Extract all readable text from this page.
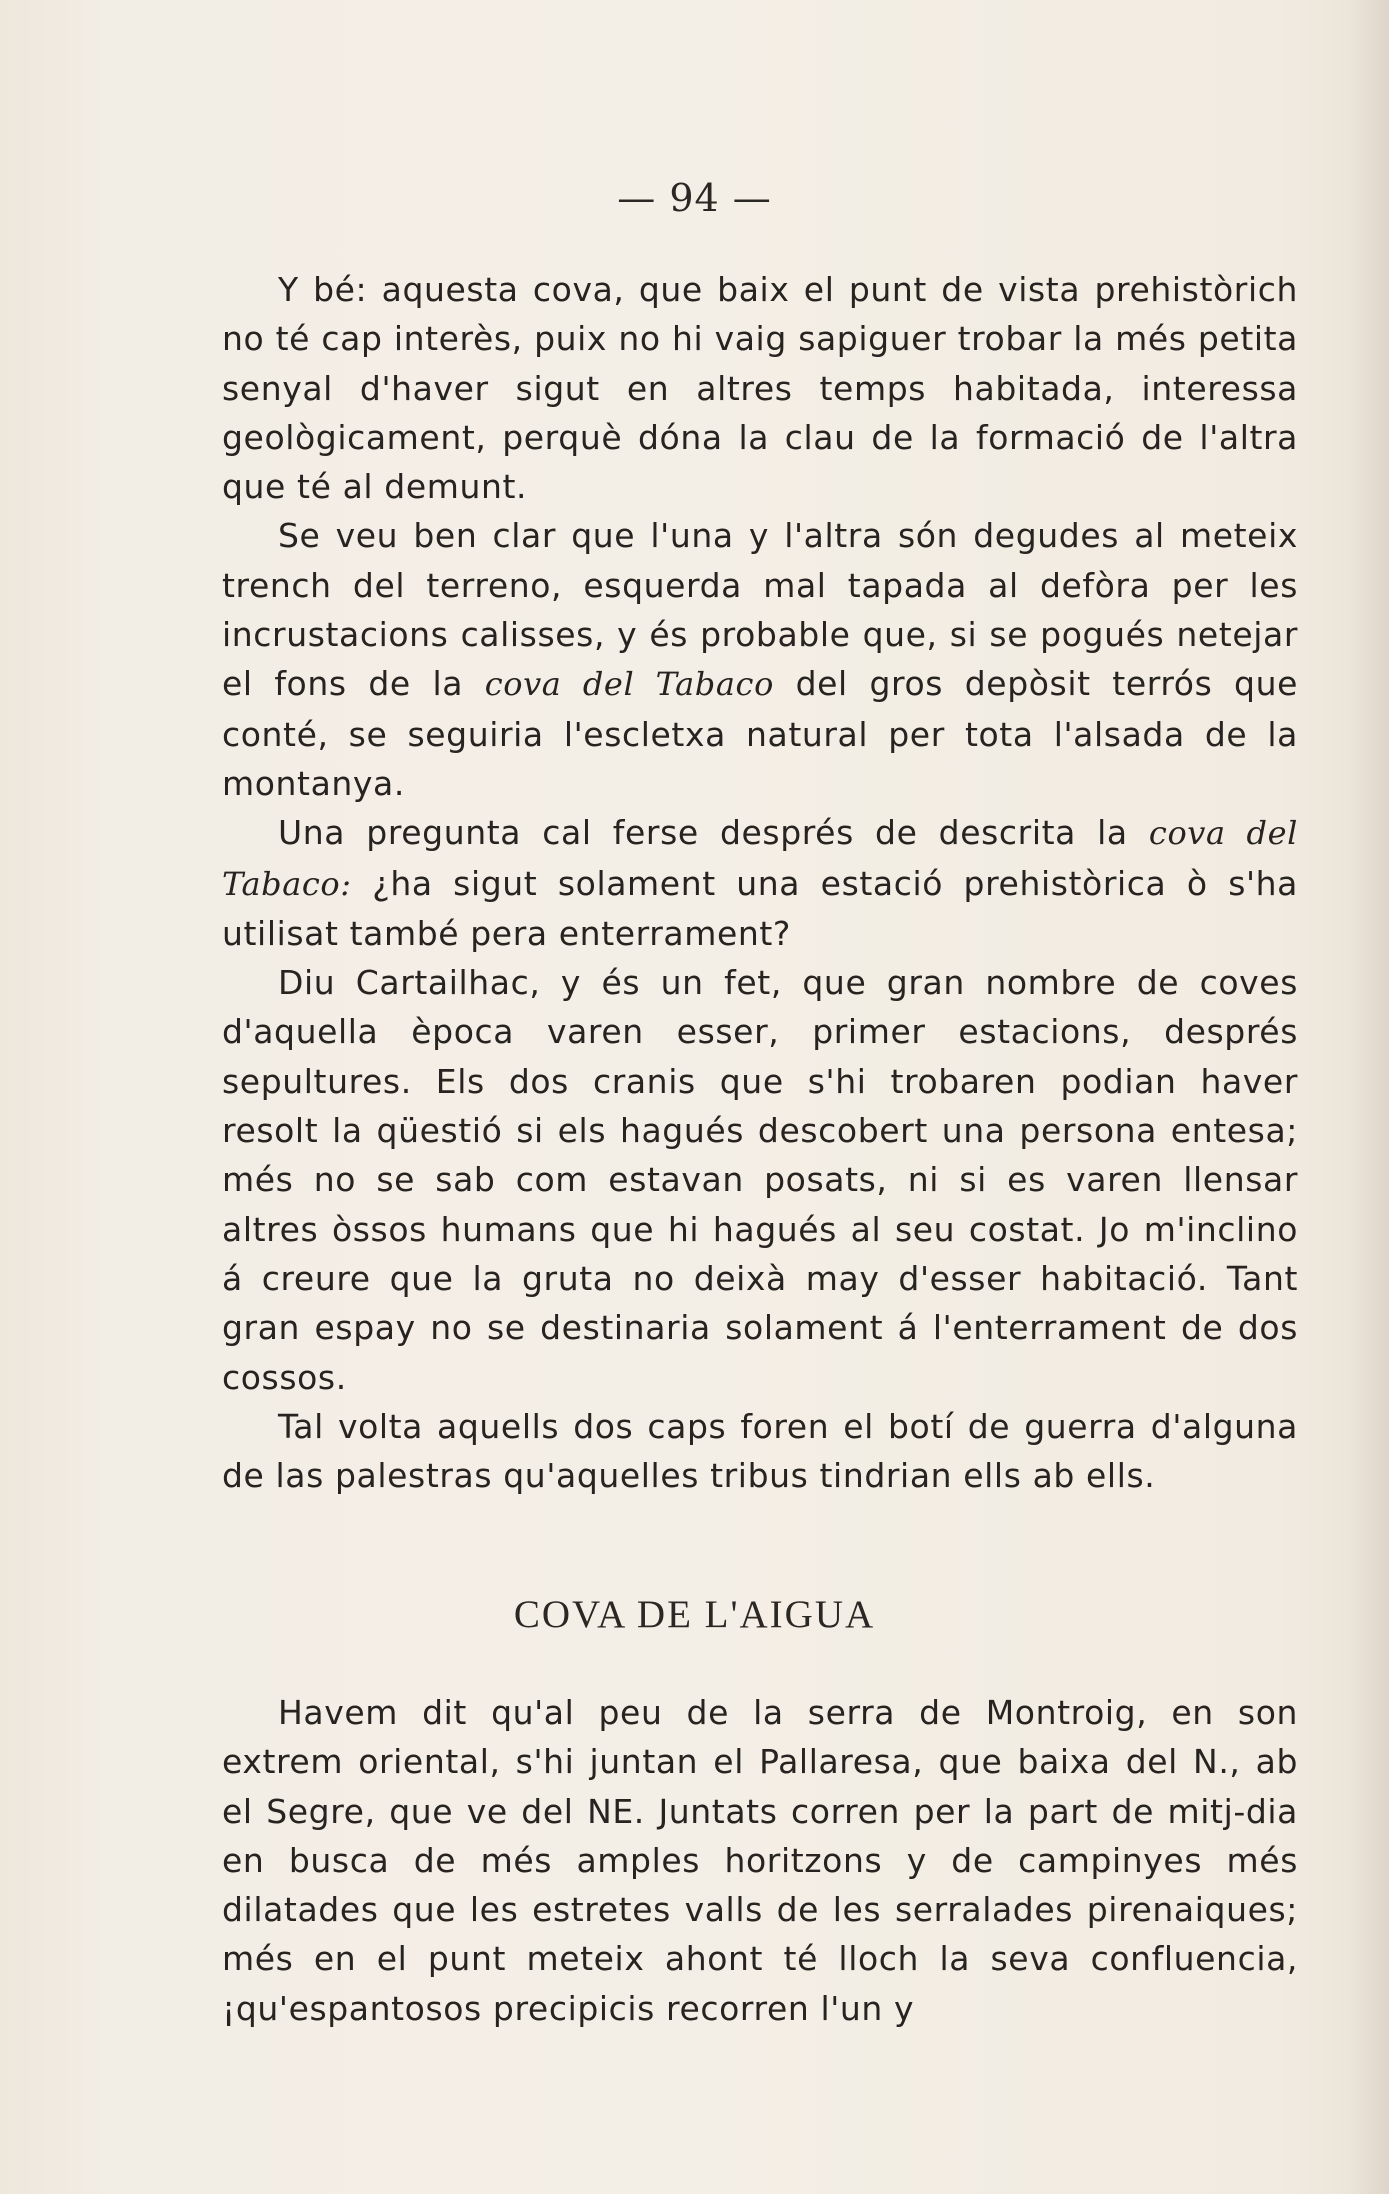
— 94 —

Y bé: aquesta cova, que baix el punt de vista prehistòrich no té cap interès, puix no hi vaig sapiguer trobar la més petita senyal d'haver sigut en altres temps habitada, interessa geològicament, perquè dóna la clau de la formació de l'altra que té al demunt.

Se veu ben clar que l'una y l'altra són degudes al meteix trench del terreno, esquerda mal tapada al defòra per les incrustacions calisses, y és probable que, si se pogués netejar el fons de la cova del Tabaco del gros depòsit terrós que conté, se seguiria l'escletxa natural per tota l'alsada de la montanya.

Una pregunta cal ferse després de descrita la cova del Tabaco: ¿ha sigut solament una estació prehistòrica ò s'ha utilisat també pera enterrament?

Diu Cartailhac, y és un fet, que gran nombre de coves d'aquella època varen esser, primer estacions, després sepultures. Els dos cranis que s'hi trobaren podian haver resolt la qüestió si els hagués descobert una persona entesa; més no se sab com estavan posats, ni si es varen llensar altres òssos humans que hi hagués al seu costat. Jo m'inclino á creure que la gruta no deixà may d'esser habitació. Tant gran espay no se destinaria solament á l'enterrament de dos cossos.

Tal volta aquells dos caps foren el botí de guerra d'alguna de las palestras qu'aquelles tribus tindrian ells ab ells.

COVA DE L'AIGUA

Havem dit qu'al peu de la serra de Montroig, en son extrem oriental, s'hi juntan el Pallaresa, que baixa del N., ab el Segre, que ve del NE. Juntats corren per la part de mitj-dia en busca de més amples horitzons y de campinyes més dilatades que les estretes valls de les serralades pirenaiques; més en el punt meteix ahont té lloch la seva confluencia, ¡qu'espantosos precipicis recorren l'un y
